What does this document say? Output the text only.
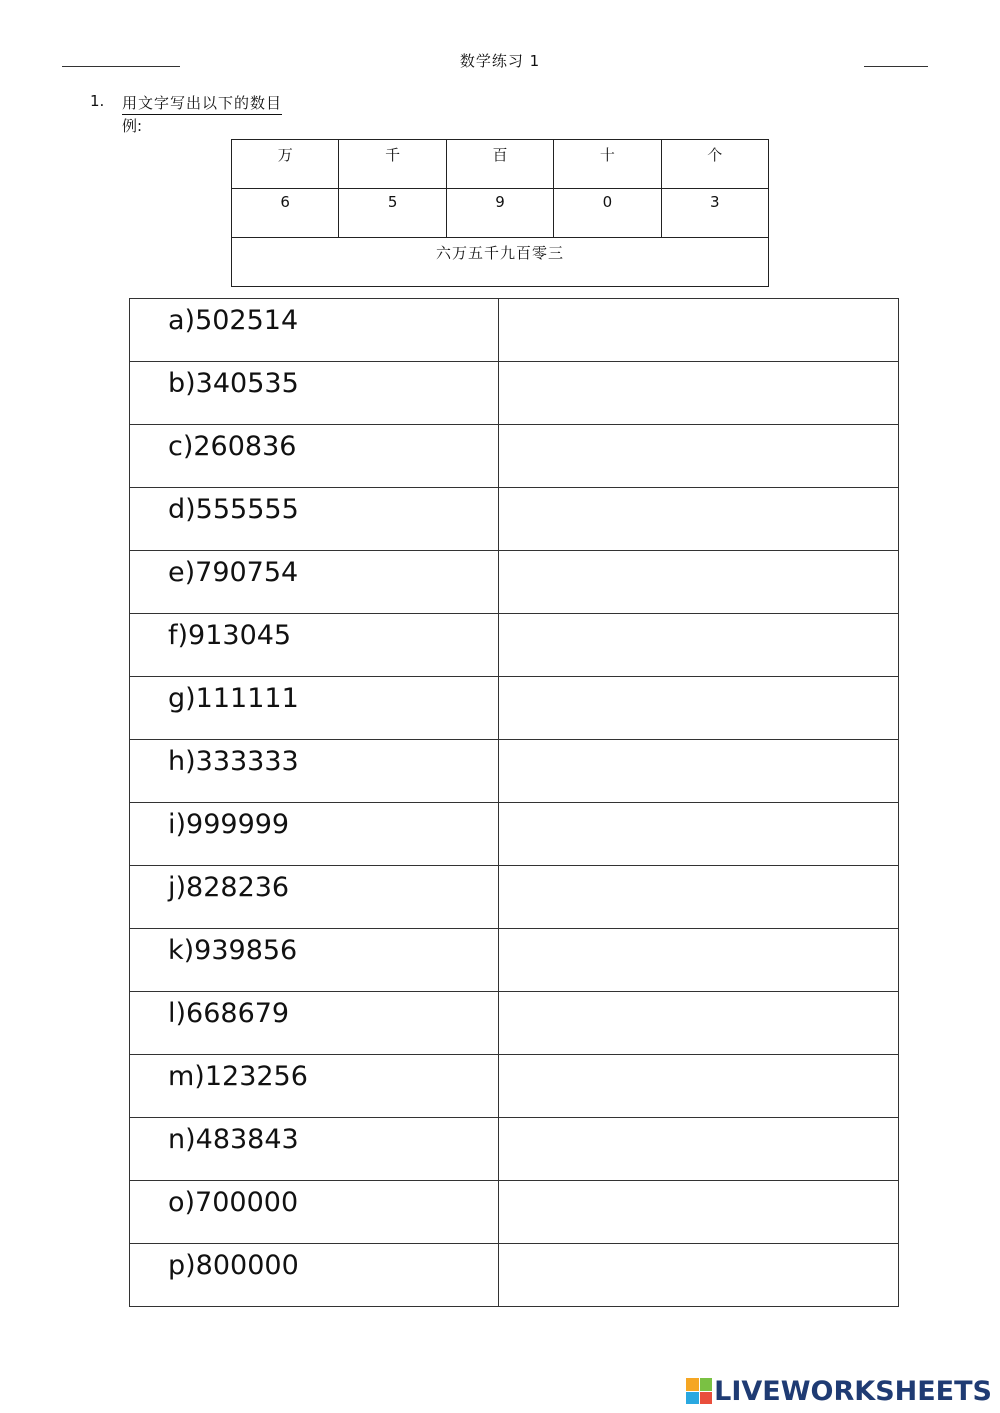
数学练习 1
1. 用文字写出以下的数目
例:
万	千	百	十	个
6	5	9	0	3
六万五千九百零三				
a)502514	

b)340535	

c)260836	

d)555555	

e)790754	

f)913045	

g)111111	

h)333333	

i)999999	

j)828236	

k)939856	

l)668679	

m)123256	

n)483843	

o)700000	

p)800000	

LIVEWORKSHEETS
